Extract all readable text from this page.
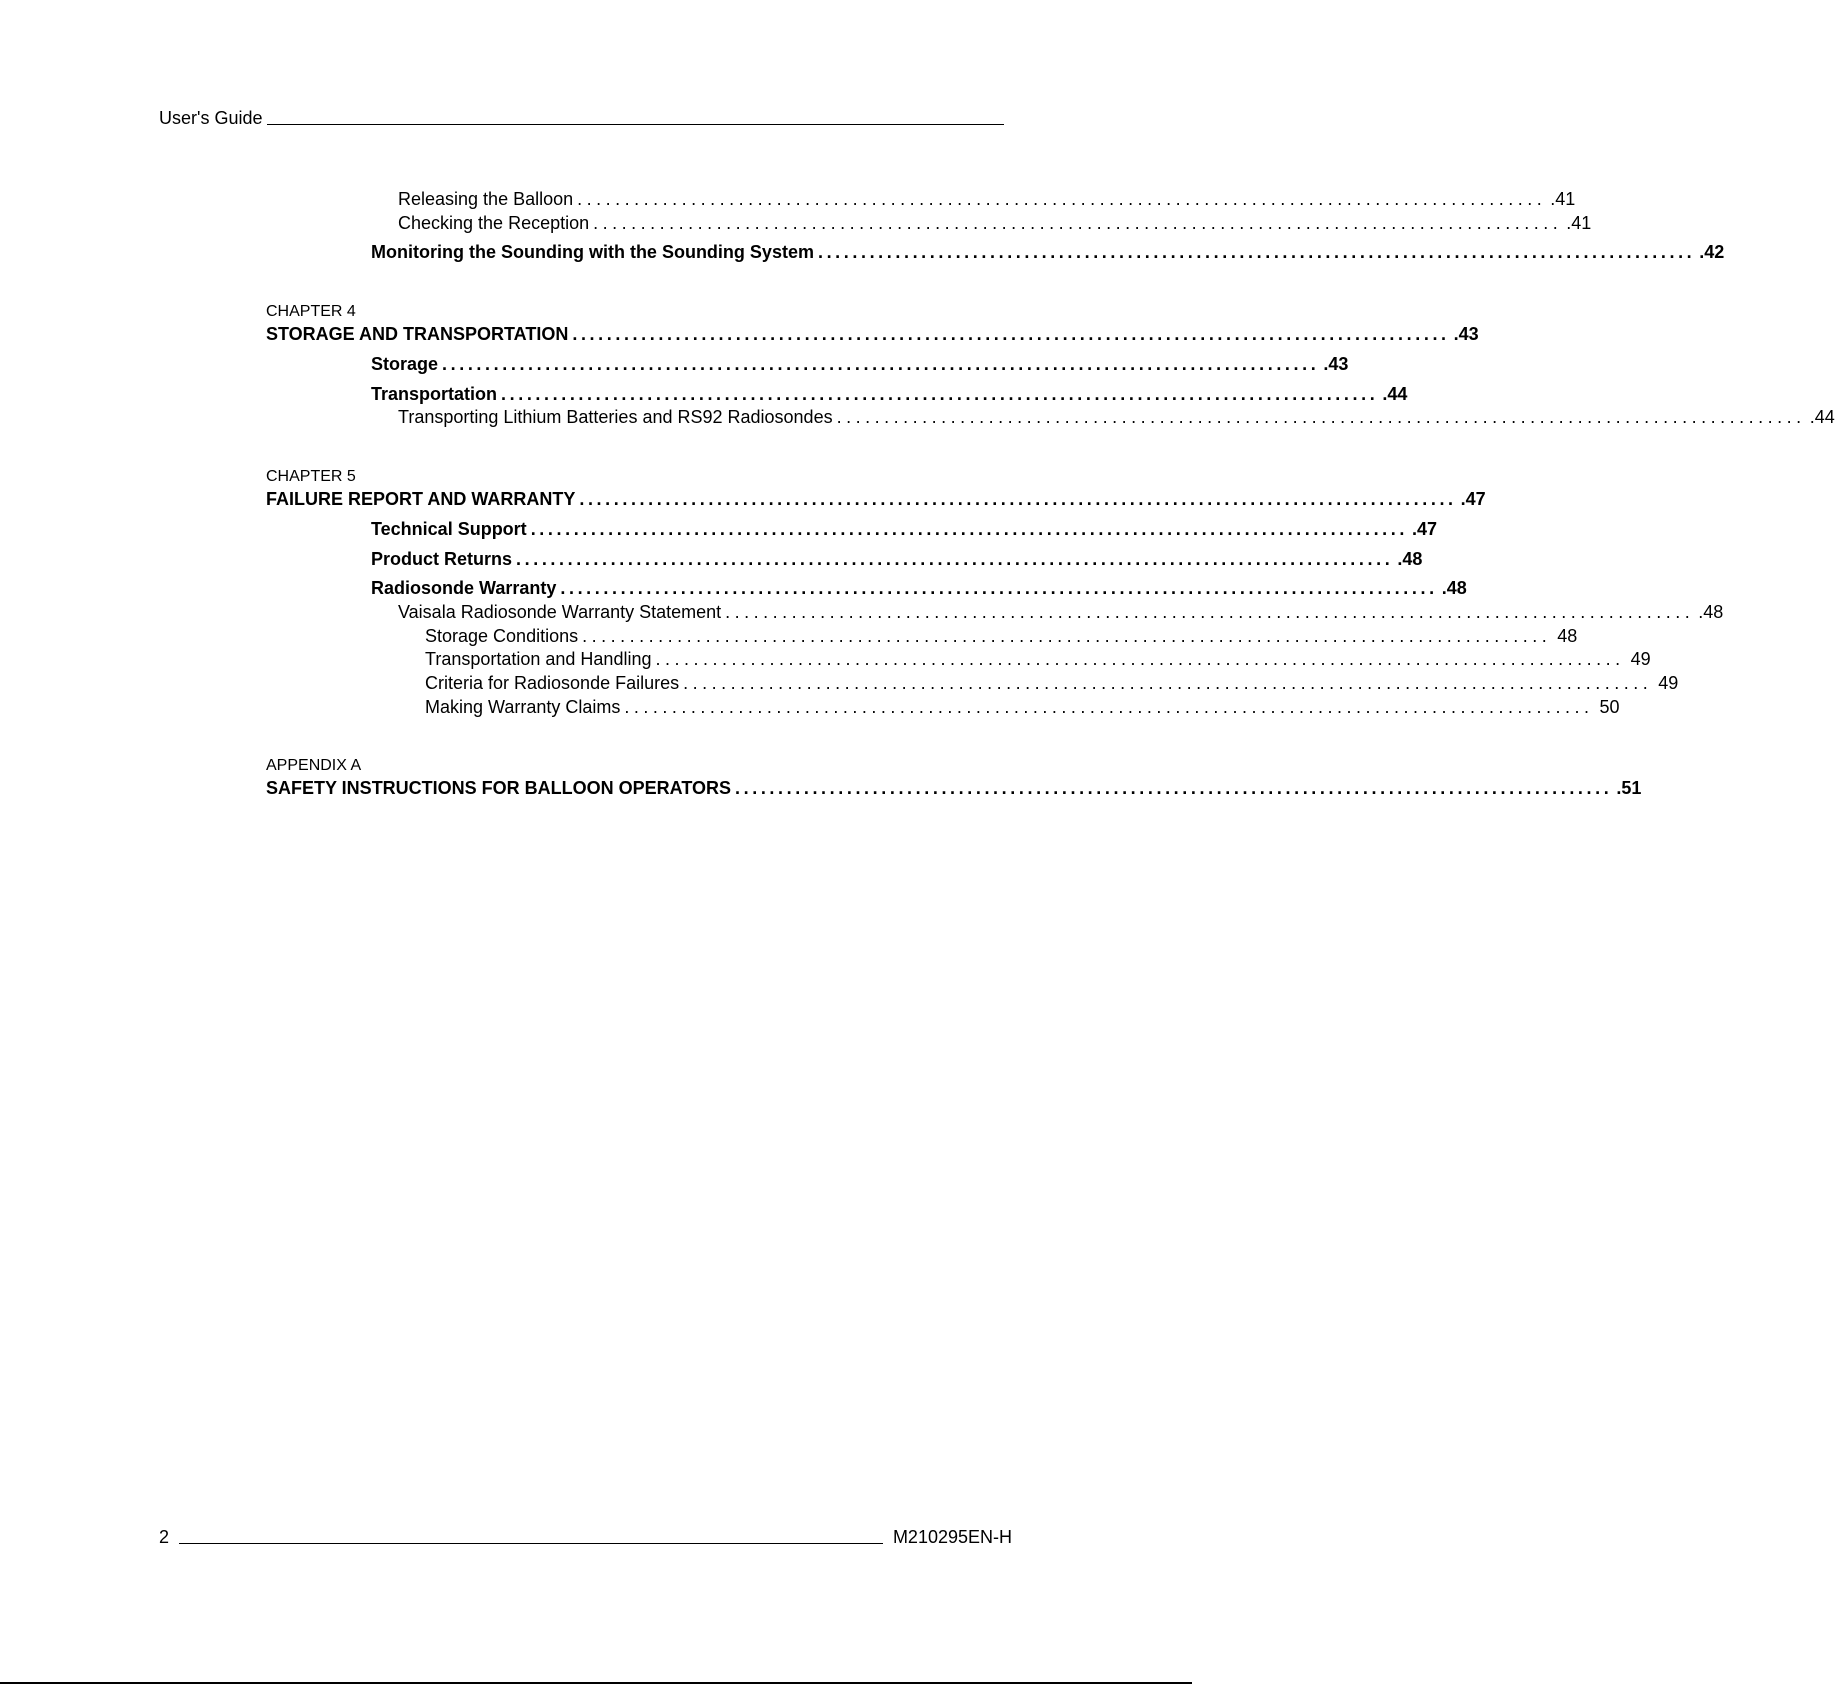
User's Guide
Releasing the Balloon ...................................................................................................... .41
Checking the Reception ...................................................................................................... .41
Monitoring the Sounding with the Sounding System ...................................................................................................... .42
CHAPTER 4
STORAGE AND TRANSPORTATION ...................................................................................................... .43
Storage ...................................................................................................... .43
Transportation ...................................................................................................... .44
Transporting Lithium Batteries and RS92 Radiosondes ...................................................................................................... .44
CHAPTER 5
FAILURE REPORT AND WARRANTY ...................................................................................................... .47
Technical Support ...................................................................................................... .47
Product Returns ...................................................................................................... .48
Radiosonde Warranty ...................................................................................................... .48
Vaisala Radiosonde Warranty Statement ...................................................................................................... .48
Storage Conditions ...................................................................................................... 48
Transportation and Handling ...................................................................................................... 49
Criteria for Radiosonde Failures ...................................................................................................... 49
Making Warranty Claims ...................................................................................................... 50
APPENDIX A
SAFETY INSTRUCTIONS FOR BALLOON OPERATORS ...................................................................................................... .51
2	M210295EN-H
